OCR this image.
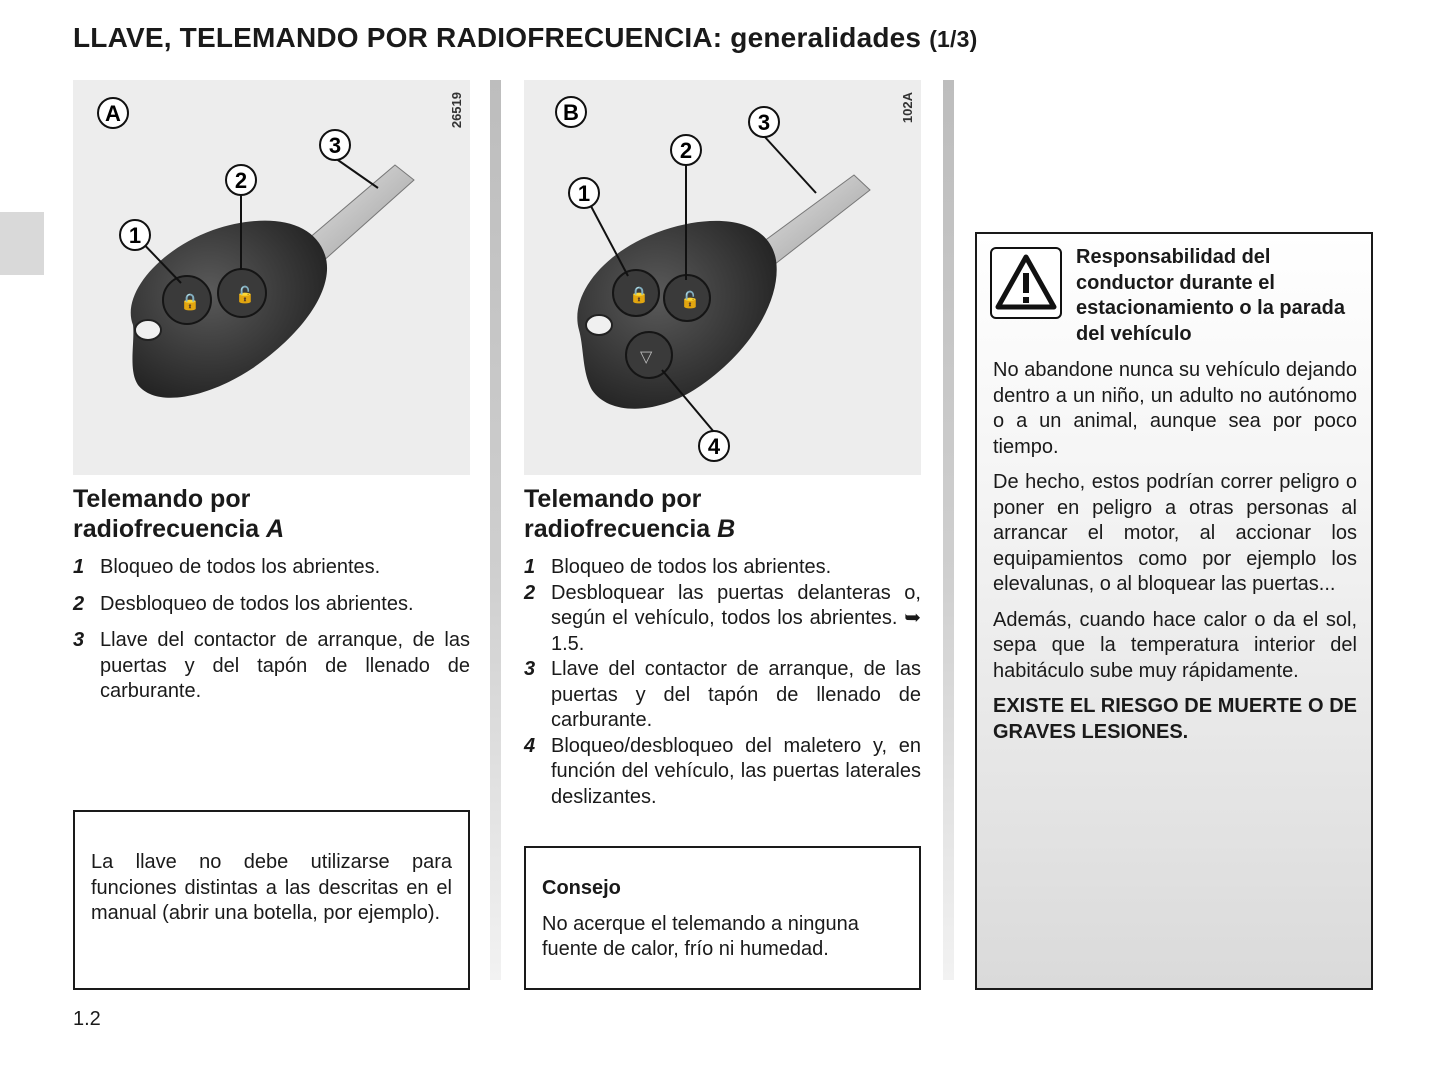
LLAVE, TELEMANDO POR RADIOFRECUENCIA: generalidades (1/3)
🔒 🔓
A
1
2
3
26519
🔒 🔓
▽
B
1
2
3
4
102A
Telemando por
radiofrecuencia A
1 Bloqueo de todos los abrientes.
2 Desbloqueo de todos los abrientes.
3 Llave del contactor de arranque, de las puertas y del tapón de llenado de carburante.
La llave no debe utilizarse para funciones distintas a las descritas en el manual (abrir una botella, por ejemplo).
Telemando por
radiofrecuencia B
1 Bloqueo de todos los abrientes.
2 Desbloquear las puertas delanteras o, según el vehículo, todos los abrientes. ➥ 1.5.
3 Llave del contactor de arranque, de las puertas y del tapón de llenado de carburante.
4 Bloqueo/desbloqueo del maletero y, en función del vehículo, las puertas laterales deslizantes.
Consejo
No acerque el telemando a ninguna fuente de calor, frío ni humedad.
Responsabilidad del conductor durante el estacionamiento o la parada del vehículo

No abandone nunca su vehículo dejando dentro a un niño, un adulto no autónomo o a un animal, aunque sea por poco tiempo.

De hecho, estos podrían correr peligro o poner en peligro a otras personas al arrancar el motor, al accionar los equipamientos como por ejemplo los elevalunas, o al bloquear las puertas...

Además, cuando hace calor o da el sol, sepa que la temperatura interior del habitáculo sube muy rápidamente.

EXISTE EL RIESGO DE MUERTE O DE GRAVES LESIONES.

1.2
